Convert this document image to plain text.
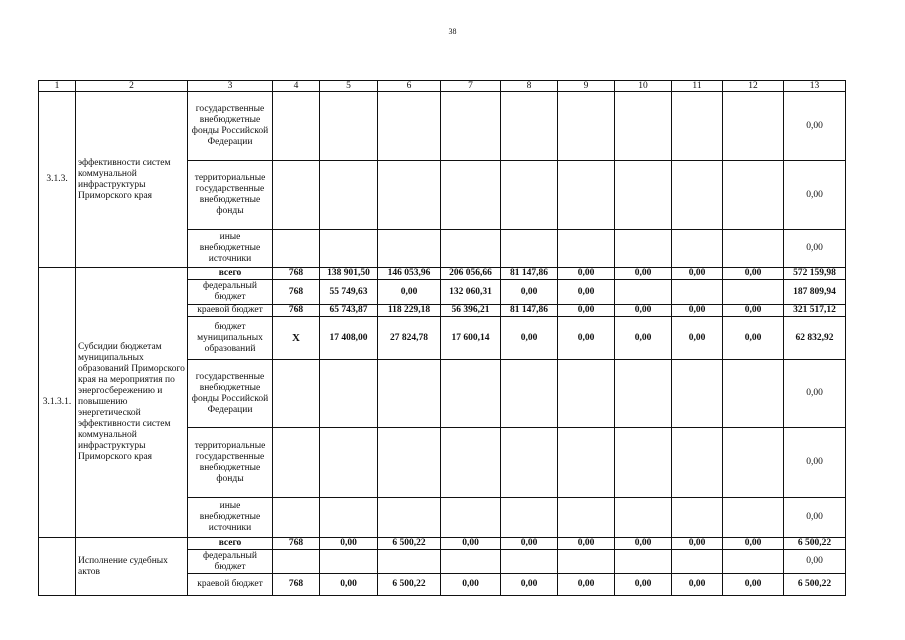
38
1	2	3	4	5	6	7	8	9	10	11	12	13
3.1.3.	эффективности систем коммунальной инфраструктуры Приморского края	государственные внебюджетные фонды Российской Федерации										0,00
		территориальные государственные внебюджетные фонды										0,00
		иные внебюджетные источники										0,00
3.1.3.1.	Субсидии бюджетам муниципальных образований Приморского края на мероприятия по энергосбережению и повышению энергетической эффективности систем коммунальной инфраструктуры Приморского края	всего	768	138 901,50	146 053,96	206 056,66	81 147,86	0,00	0,00	0,00	0,00	572 159,98
		федеральный бюджет	768	55 749,63	0,00	132 060,31	0,00	0,00				187 809,94
		краевой бюджет	768	65 743,87	118 229,18	56 396,21	81 147,86	0,00	0,00	0,00	0,00	321 517,12
		бюджет муниципальных образований	X	17 408,00	27 824,78	17 600,14	0,00	0,00	0,00	0,00	0,00	62 832,92
		государственные внебюджетные фонды Российской Федерации										0,00
		территориальные государственные внебюджетные фонды										0,00
		иные внебюджетные источники										0,00
	Исполнение судебных актов	всего	768	0,00	6 500,22	0,00	0,00	0,00	0,00	0,00	0,00	6 500,22
		федеральный бюджет										0,00
		краевой бюджет	768	0,00	6 500,22	0,00	0,00	0,00	0,00	0,00	0,00	6 500,22
